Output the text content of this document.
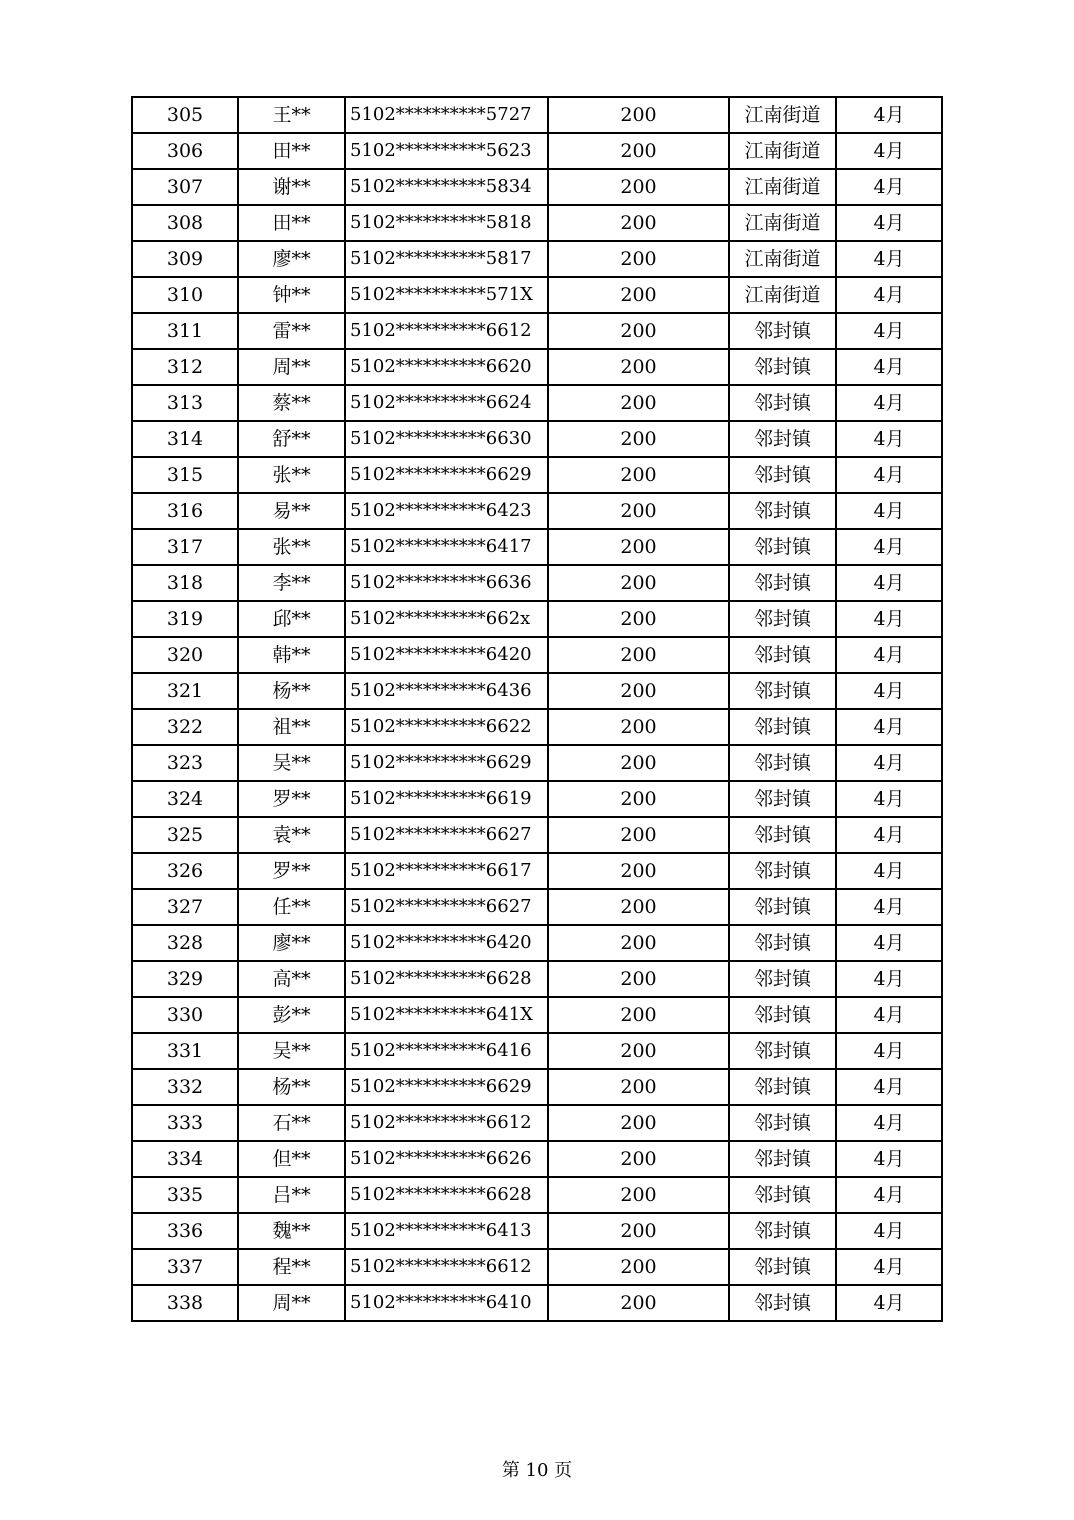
305	王**	5102**********5727	200	江南街道	4月
306	田**	5102**********5623	200	江南街道	4月
307	谢**	5102**********5834	200	江南街道	4月
308	田**	5102**********5818	200	江南街道	4月
309	廖**	5102**********5817	200	江南街道	4月
310	钟**	5102**********571X	200	江南街道	4月
311	雷**	5102**********6612	200	邻封镇	4月
312	周**	5102**********6620	200	邻封镇	4月
313	蔡**	5102**********6624	200	邻封镇	4月
314	舒**	5102**********6630	200	邻封镇	4月
315	张**	5102**********6629	200	邻封镇	4月
316	易**	5102**********6423	200	邻封镇	4月
317	张**	5102**********6417	200	邻封镇	4月
318	李**	5102**********6636	200	邻封镇	4月
319	邱**	5102**********662x	200	邻封镇	4月
320	韩**	5102**********6420	200	邻封镇	4月
321	杨**	5102**********6436	200	邻封镇	4月
322	祖**	5102**********6622	200	邻封镇	4月
323	吴**	5102**********6629	200	邻封镇	4月
324	罗**	5102**********6619	200	邻封镇	4月
325	袁**	5102**********6627	200	邻封镇	4月
326	罗**	5102**********6617	200	邻封镇	4月
327	任**	5102**********6627	200	邻封镇	4月
328	廖**	5102**********6420	200	邻封镇	4月
329	高**	5102**********6628	200	邻封镇	4月
330	彭**	5102**********641X	200	邻封镇	4月
331	吴**	5102**********6416	200	邻封镇	4月
332	杨**	5102**********6629	200	邻封镇	4月
333	石**	5102**********6612	200	邻封镇	4月
334	但**	5102**********6626	200	邻封镇	4月
335	吕**	5102**********6628	200	邻封镇	4月
336	魏**	5102**********6413	200	邻封镇	4月
337	程**	5102**********6612	200	邻封镇	4月
338	周**	5102**********6410	200	邻封镇	4月
第 10 页
